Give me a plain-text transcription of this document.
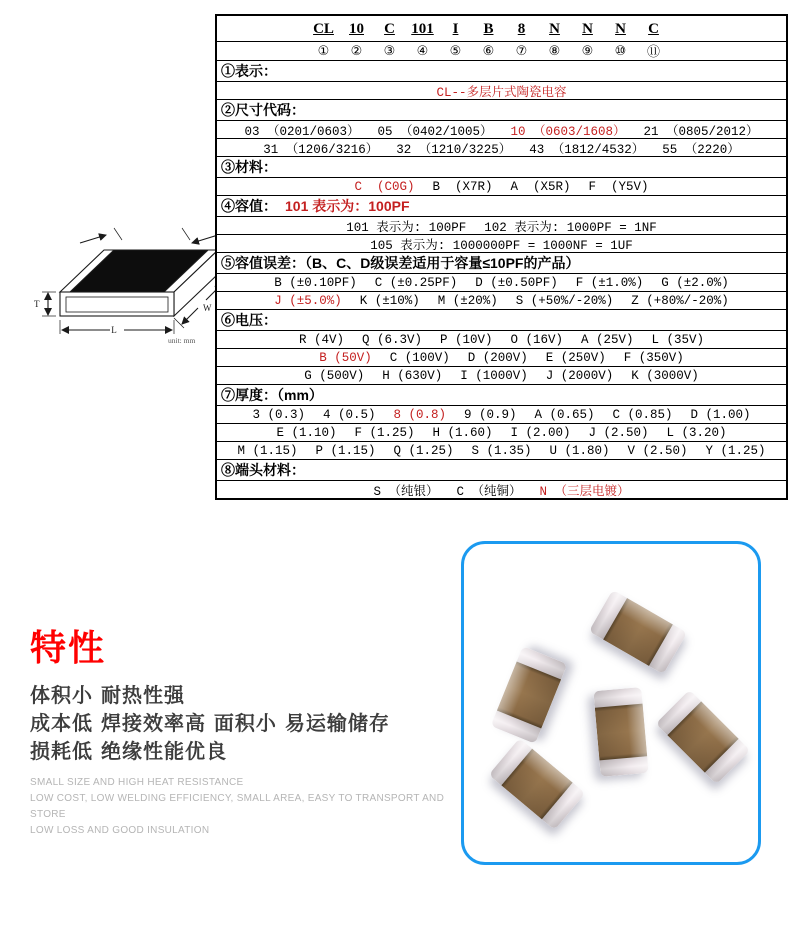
L
T	W
unit: mm
CL	10	C	101	I	B	8	N	N	N	C
①	②	③	④	⑤	⑥	⑦	⑧	⑨	⑩	⑪
①表示：
CL--多层片式陶瓷电容
②尺寸代码：
03 （0201/0603） 05 （0402/1005） 10 （0603/1608） 21 （0805/2012）
31 （1206/3216） 32 （1210/3225） 43 （1812/4532） 55 （2220）
③材料：
C  (C0G) B  (X7R) A  (X5R) F  (Y5V)
④容值： 101 表示为：100PF
101 表示为: 100PF 102 表示为: 1000PF = 1NF
105 表示为: 1000000PF = 1000NF = 1UF
⑤容值误差：（B、C、D级误差适用于容量≤10PF的产品）
B (±0.10PF) C (±0.25PF) D (±0.50PF) F (±1.0%) G (±2.0%)
J (±5.0%) K (±10%) M (±20%) S (+50%/-20%) Z (+80%/-20%)
⑥电压：
R (4V) Q (6.3V) P (10V) O (16V) A (25V) L (35V)
B (50V) C (100V) D (200V) E (250V) F (350V)
G (500V) H (630V) I (1000V) J (2000V) K (3000V)
⑦厚度：（mm）
3 (0.3) 4 (0.5) 8 (0.8) 9 (0.9) A (0.65) C (0.85) D (1.00)
E (1.10) F (1.25) H (1.60) I (2.00) J (2.50) L (3.20)
M (1.15) P (1.15) Q (1.25) S (1.35) U (1.80) V (2.50) Y (1.25)
⑧端头材料：
S （纯银） C （纯铜） N （三层电镀）
特性
体积小 耐热性强
成本低 焊接效率高 面积小 易运输储存
损耗低 绝缘性能优良
SMALL SIZE AND HIGH HEAT RESISTANCE
LOW COST, LOW WELDING EFFICIENCY, SMALL AREA, EASY TO TRANSPORT AND STORE
LOW LOSS AND GOOD INSULATION
